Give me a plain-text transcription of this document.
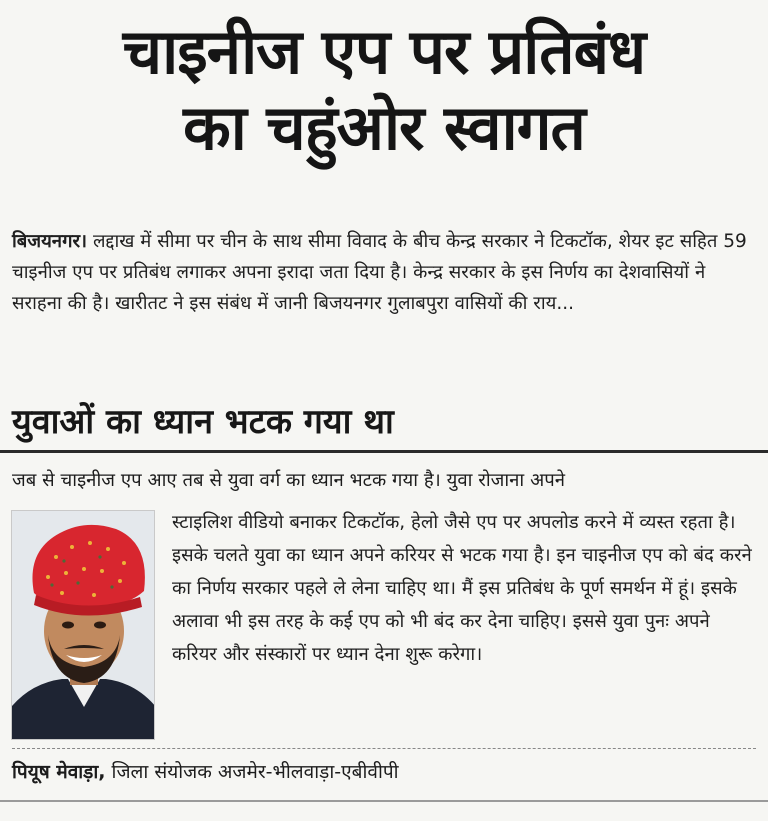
चाइनीज एप पर प्रतिबंध
का चहुंओर स्वागत

बिजयनगर। लद्दाख में सीमा पर चीन के साथ सीमा विवाद के बीच केन्द्र सरकार ने टिकटॉक, शेयर इट सहित 59 चाइनीज एप पर प्रतिबंध लगाकर अपना इरादा जता दिया है। केन्द्र सरकार के इस निर्णय का देशवासियों ने सराहना की है। खारीतट ने इस संबंध में जानी बिजयनगर गुलाबपुरा वासियों की राय...

युवाओं का ध्यान भटक गया था

जब से चाइनीज एप आए तब से युवा वर्ग का ध्यान भटक गया है। युवा रोजाना अपने

स्टाइलिश वीडियो बनाकर टिकटॉक, हेलो जैसे एप पर अपलोड करने में व्यस्त रहता है। इसके चलते युवा का ध्यान अपने करियर से भटक गया है। इन चाइनीज एप को बंद करने का निर्णय सरकार पहले ले लेना चाहिए था। मैं इस प्रतिबंध के पूर्ण समर्थन में हूं। इसके अलावा भी इस तरह के कई एप को भी बंद कर देना चाहिए। इससे युवा पुनः अपने करियर और संस्कारों पर ध्यान देना शुरू करेगा।

पियूष मेवाड़ा, जिला संयोजक अजमेर-भीलवाड़ा-एबीवीपी
